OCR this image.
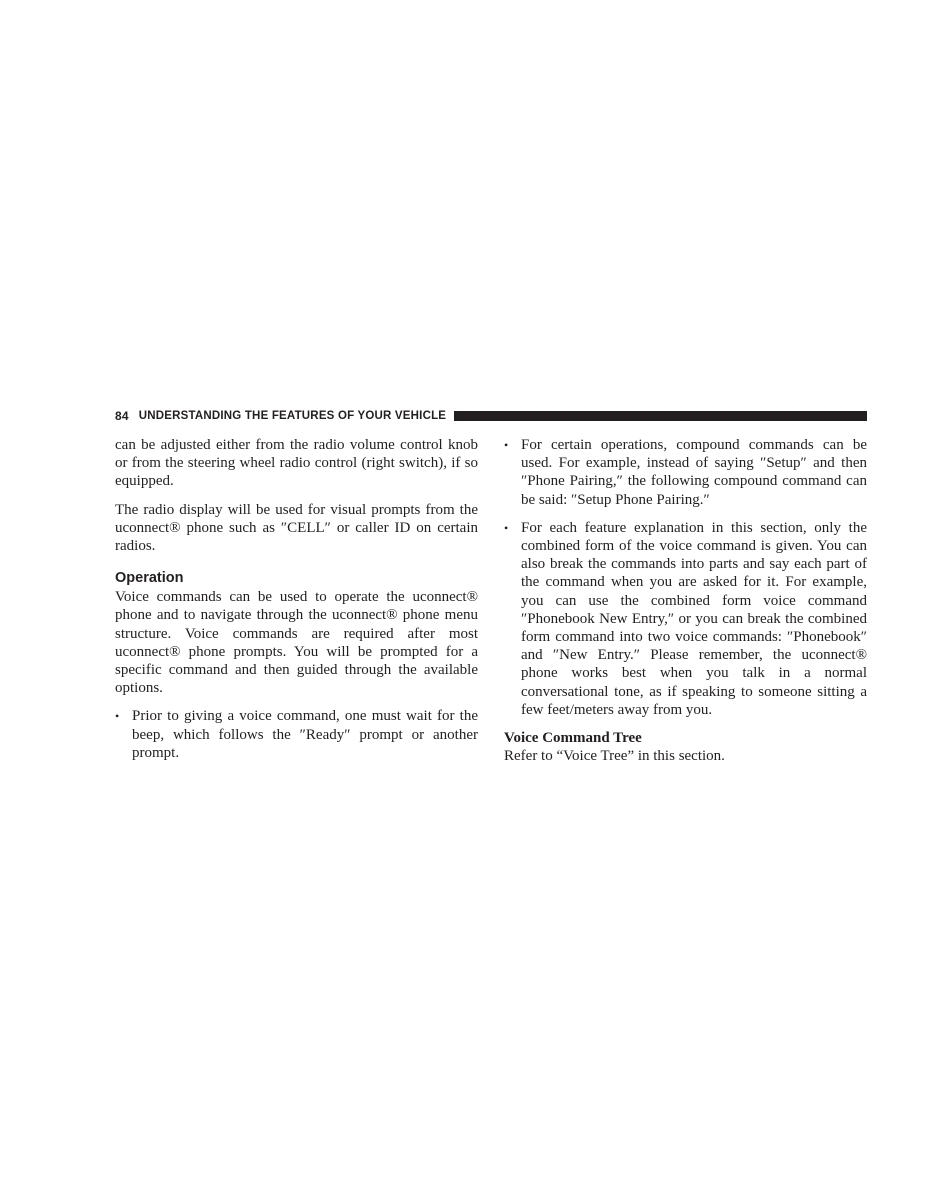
84 UNDERSTANDING THE FEATURES OF YOUR VEHICLE

can be adjusted either from the radio volume control knob or from the steering wheel radio control (right switch), if so equipped.

The radio display will be used for visual prompts from the uconnect® phone such as ″CELL″ or caller ID on certain radios.

Operation

Voice commands can be used to operate the uconnect® phone and to navigate through the uconnect® phone menu structure. Voice commands are required after most uconnect® phone prompts. You will be prompted for a specific command and then guided through the available options.

• Prior to giving a voice command, one must wait for the beep, which follows the ″Ready″ prompt or another prompt.
• For certain operations, compound commands can be used. For example, instead of saying ″Setup″ and then ″Phone Pairing,″ the following compound command can be said: ″Setup Phone Pairing.″
• For each feature explanation in this section, only the combined form of the voice command is given. You can also break the commands into parts and say each part of the command when you are asked for it. For example, you can use the combined form voice command ″Phonebook New Entry,″ or you can break the combined form command into two voice commands: ″Phonebook″ and ″New Entry.″ Please remember, the uconnect® phone works best when you talk in a normal conversational tone, as if speaking to someone sitting a few feet/meters away from you.
Voice Command Tree

Refer to “Voice Tree” in this section.
